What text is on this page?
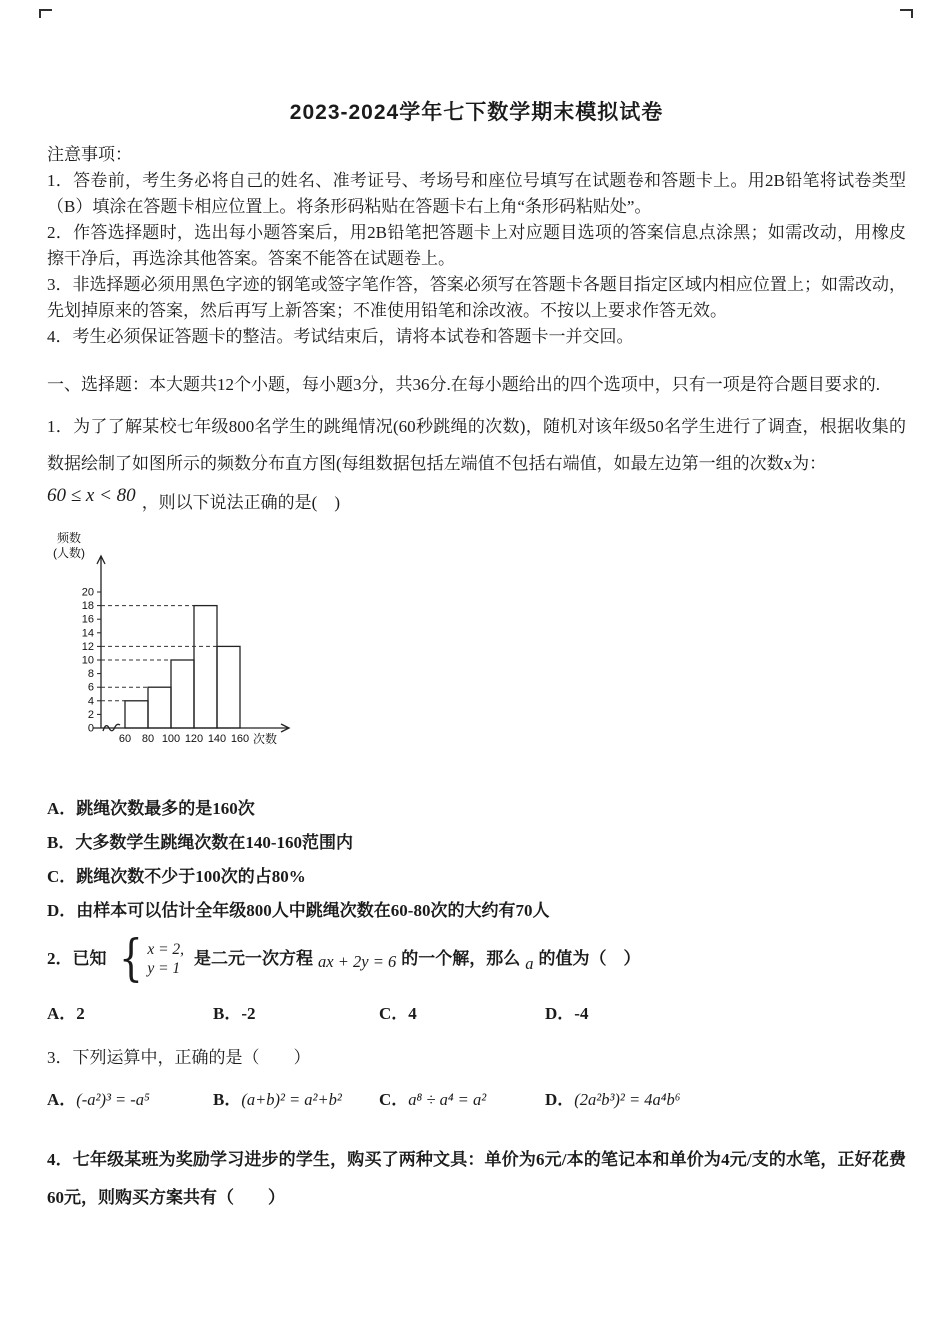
2023-2024学年七下数学期末模拟试卷

注意事项：

1．答卷前，考生务必将自己的姓名、准考证号、考场号和座位号填写在试题卷和答题卡上。用2B铅笔将试卷类型（B）填涂在答题卡相应位置上。将条形码粘贴在答题卡右上角“条形码粘贴处”。

2．作答选择题时，选出每小题答案后，用2B铅笔把答题卡上对应题目选项的答案信息点涂黑；如需改动，用橡皮擦干净后，再选涂其他答案。答案不能答在试题卷上。

3．非选择题必须用黑色字迹的钢笔或签字笔作答，答案必须写在答题卡各题目指定区域内相应位置上；如需改动，先划掉原来的答案，然后再写上新答案；不准使用铅笔和涂改液。不按以上要求作答无效。

4．考生必须保证答题卡的整洁。考试结束后，请将本试卷和答题卡一并交回。

一、选择题：本大题共12个小题，每小题3分，共36分.在每小题给出的四个选项中，只有一项是符合题目要求的.

1．为了了解某校七年级800名学生的跳绳情况(60秒跳绳的次数)，随机对该年级50名学生进行了调查，根据收集的数据绘制了如图所示的频数分布直方图(每组数据包括左端值不包括右端值，如最左边第一组的次数x为：

60 ≤ x < 80 ，则以下说法正确的是(　)

频数
(人数)
次数
0
2
4
6
8
10
12
14
16
18
20
60 80 100 120 140 160

A．跳绳次数最多的是160次

B．大多数学生跳绳次数在140-160范围内

C．跳绳次数不少于100次的占80%

D．由样本可以估计全年级800人中跳绳次数在60-80次的大约有70人

2．已知 { x = 2,
y = 1
是二元一次方程 ax + 2y = 6 的一个解，那么 a 的值为（　）
A．2	B．-2	C．4	D．-4

3．下列运算中，正确的是（　　）

A．(-a²)³ = -a⁵	B．(a+b)² = a²+b²	C．a⁸ ÷ a⁴ = a²	D．(2a²b³)² = 4a⁴b⁶

4．七年级某班为奖励学习进步的学生，购买了两种文具：单价为6元/本的笔记本和单价为4元/支的水笔，正好花费60元，则购买方案共有（　　）
